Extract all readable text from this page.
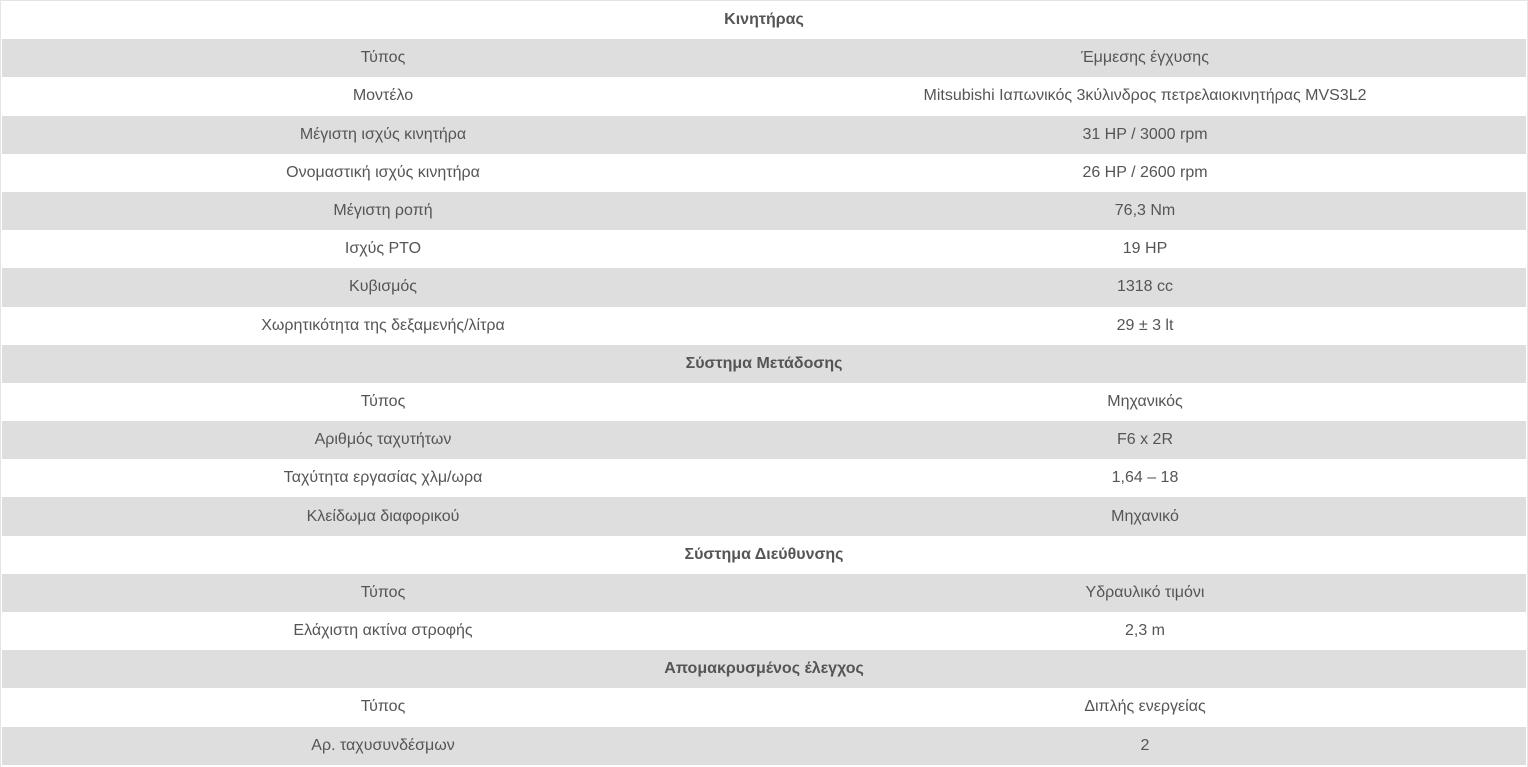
Κινητήρας	
Τύπος	Έμμεσης έγχυσης
Μοντέλο	Mitsubishi Ιαπωνικός 3κύλινδρος πετρελαιοκινητήρας MVS3L2
Μέγιστη ισχύς κινητήρα	31 HP / 3000 rpm
Ονομαστική ισχύς κινητήρα	26 HP / 2600 rpm
Μέγιστη ροπή	76,3 Nm
Ισχύς PTO	19 HP
Κυβισμός	1318 cc
Χωρητικότητα της δεξαμενής/λίτρα	29 ± 3 lt
Σύστημα Μετάδοσης	
Τύπος	Μηχανικός
Αριθμός ταχυτήτων	F6 x 2R
Ταχύτητα εργασίας χλμ/ωρα	1,64 – 18
Κλείδωμα διαφορικού	Μηχανικό
Σύστημα Διεύθυνσης	
Τύπος	Υδραυλικό τιμόνι
Ελάχιστη ακτίνα στροφής	2,3 m
Απομακρυσμένος έλεγχος	
Τύπος	Διπλής ενεργείας
Αρ. ταχυσυνδέσμων	2
